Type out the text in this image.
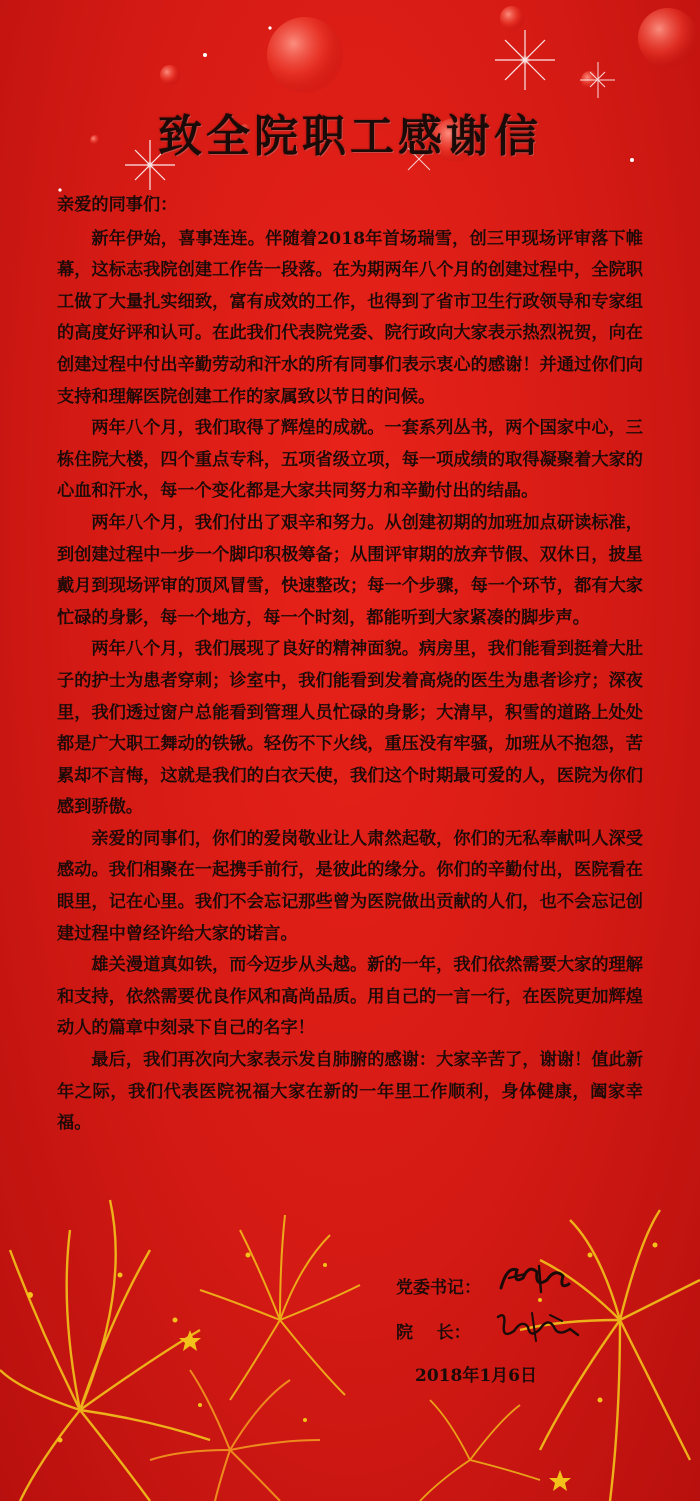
致全院职工感谢信

亲爱的同事们：

新年伊始，喜事连连。伴随着2018年首场瑞雪，创三甲现场评审落下帷幕，这标志我院创建工作告一段落。在为期两年八个月的创建过程中，全院职工做了大量扎实细致，富有成效的工作，也得到了省市卫生行政领导和专家组的高度好评和认可。在此我们代表院党委、院行政向大家表示热烈祝贺，向在创建过程中付出辛勤劳动和汗水的所有同事们表示衷心的感谢！并通过你们向支持和理解医院创建工作的家属致以节日的问候。

两年八个月，我们取得了辉煌的成就。一套系列丛书，两个国家中心，三栋住院大楼，四个重点专科，五项省级立项，每一项成绩的取得凝聚着大家的心血和汗水，每一个变化都是大家共同努力和辛勤付出的结晶。

两年八个月，我们付出了艰辛和努力。从创建初期的加班加点研读标准，到创建过程中一步一个脚印积极筹备；从围评审期的放弃节假、双休日，披星戴月到现场评审的顶风冒雪，快速整改；每一个步骤，每一个环节，都有大家忙碌的身影，每一个地方，每一个时刻，都能听到大家紧凑的脚步声。

两年八个月，我们展现了良好的精神面貌。病房里，我们能看到挺着大肚子的护士为患者穿刺；诊室中，我们能看到发着高烧的医生为患者诊疗；深夜里，我们透过窗户总能看到管理人员忙碌的身影；大清早，积雪的道路上处处都是广大职工舞动的铁锹。轻伤不下火线，重压没有牢骚，加班从不抱怨，苦累却不言悔，这就是我们的白衣天使，我们这个时期最可爱的人，医院为你们感到骄傲。

亲爱的同事们，你们的爱岗敬业让人肃然起敬，你们的无私奉献叫人深受感动。我们相聚在一起携手前行，是彼此的缘分。你们的辛勤付出，医院看在眼里，记在心里。我们不会忘记那些曾为医院做出贡献的人们，也不会忘记创建过程中曾经许给大家的诺言。

雄关漫道真如铁，而今迈步从头越。新的一年，我们依然需要大家的理解和支持，依然需要优良作风和高尚品质。用自己的一言一行，在医院更加辉煌动人的篇章中刻录下自己的名字！

最后，我们再次向大家表示发自肺腑的感谢：大家辛苦了，谢谢！值此新年之际，我们代表医院祝福大家在新的一年里工作顺利，身体健康，阖家幸福。

党委书记：
院    长：
2018年1月6日
